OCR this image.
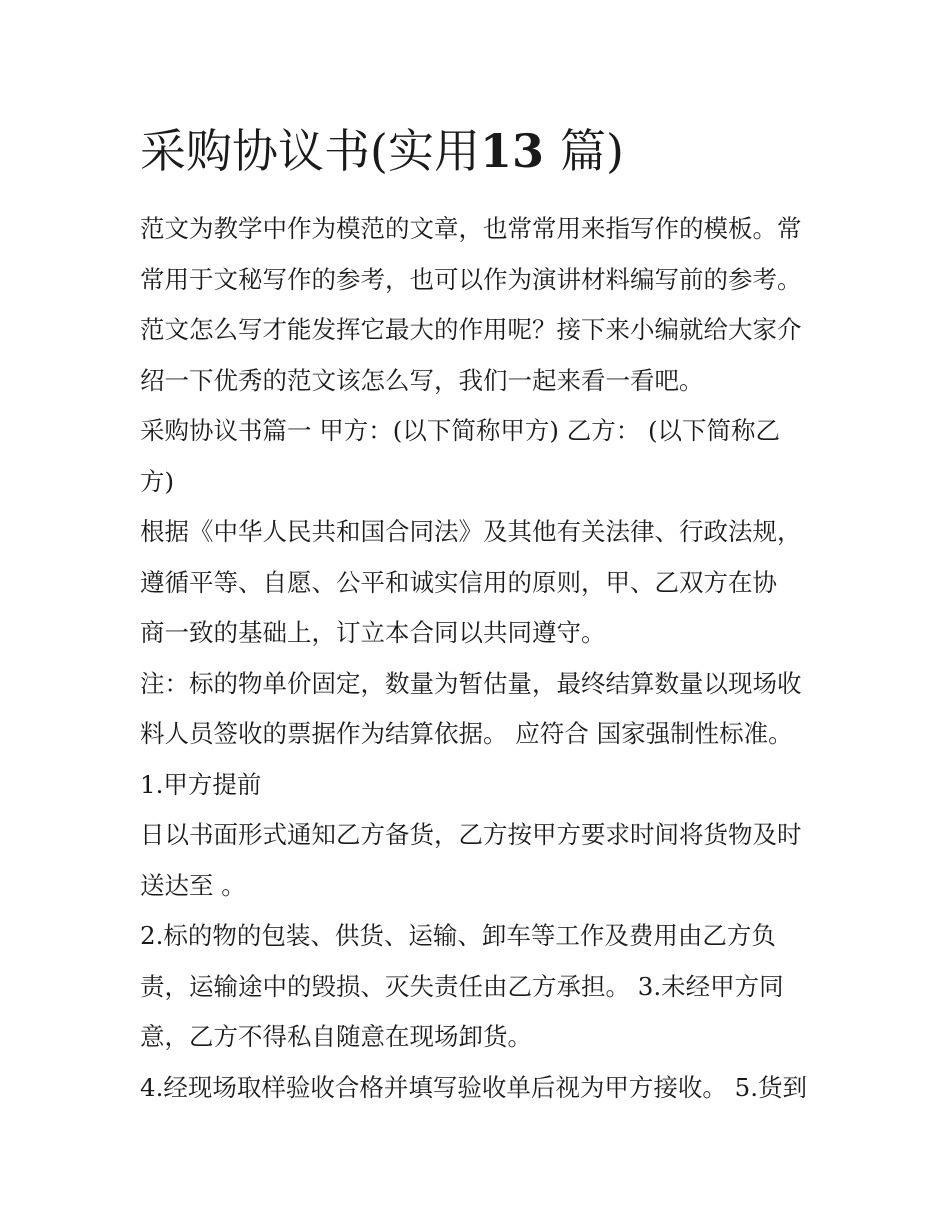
采购协议书(实用13 篇)

范文为教学中作为模范的文章，也常常用来指写作的模板。常
常用于文秘写作的参考，也可以作为演讲材料编写前的参考。
范文怎么写才能发挥它最大的作用呢？接下来小编就给大家介
绍一下优秀的范文该怎么写，我们一起来看一看吧。

采购协议书篇一 甲方：(以下简称甲方) 乙方： (以下简称乙
方)

根据《中华人民共和国合同法》及其他有关法律、行政法规，
遵循平等、自愿、公平和诚实信用的原则，甲、乙双方在协
商一致的基础上，订立本合同以共同遵守。

注：标的物单价固定，数量为暂估量，最终结算数量以现场收
料人员签收的票据作为结算依据。 应符合 国家强制性标准。

1.甲方提前

日以书面形式通知乙方备货，乙方按甲方要求时间将货物及时
送达至 。

2.标的物的包装、供货、运输、卸车等工作及费用由乙方负
责，运输途中的毁损、灭失责任由乙方承担。 3.未经甲方同
意，乙方不得私自随意在现场卸货。

4.经现场取样验收合格并填写验收单后视为甲方接收。 5.货到
